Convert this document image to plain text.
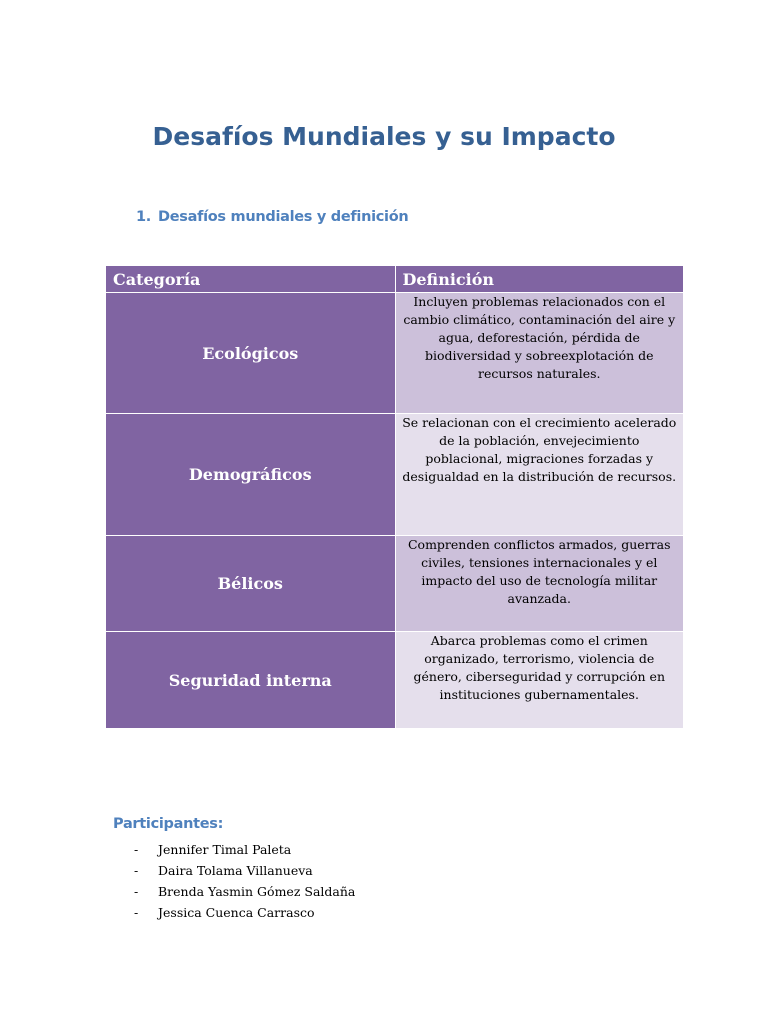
Desafíos Mundiales y su Impacto
1. Desafíos mundiales y definición
Categoría	Definición
Ecológicos	Incluyen problemas relacionados con el cambio climático, contaminación del aire y agua, deforestación, pérdida de biodiversidad y sobreexplotación de recursos naturales.
Demográficos	Se relacionan con el crecimiento acelerado de la población, envejecimiento poblacional, migraciones forzadas y desigualdad en la distribución de recursos.
Bélicos	Comprenden conflictos armados, guerras civiles, tensiones internacionales y el impacto del uso de tecnología militar avanzada.
Seguridad interna	Abarca problemas como el crimen organizado, terrorismo, violencia de género, ciberseguridad y corrupción en instituciones gubernamentales.
Participantes:
- Jennifer Timal Paleta
- Daira Tolama Villanueva
- Brenda Yasmin Gómez Saldaña
- Jessica Cuenca Carrasco
